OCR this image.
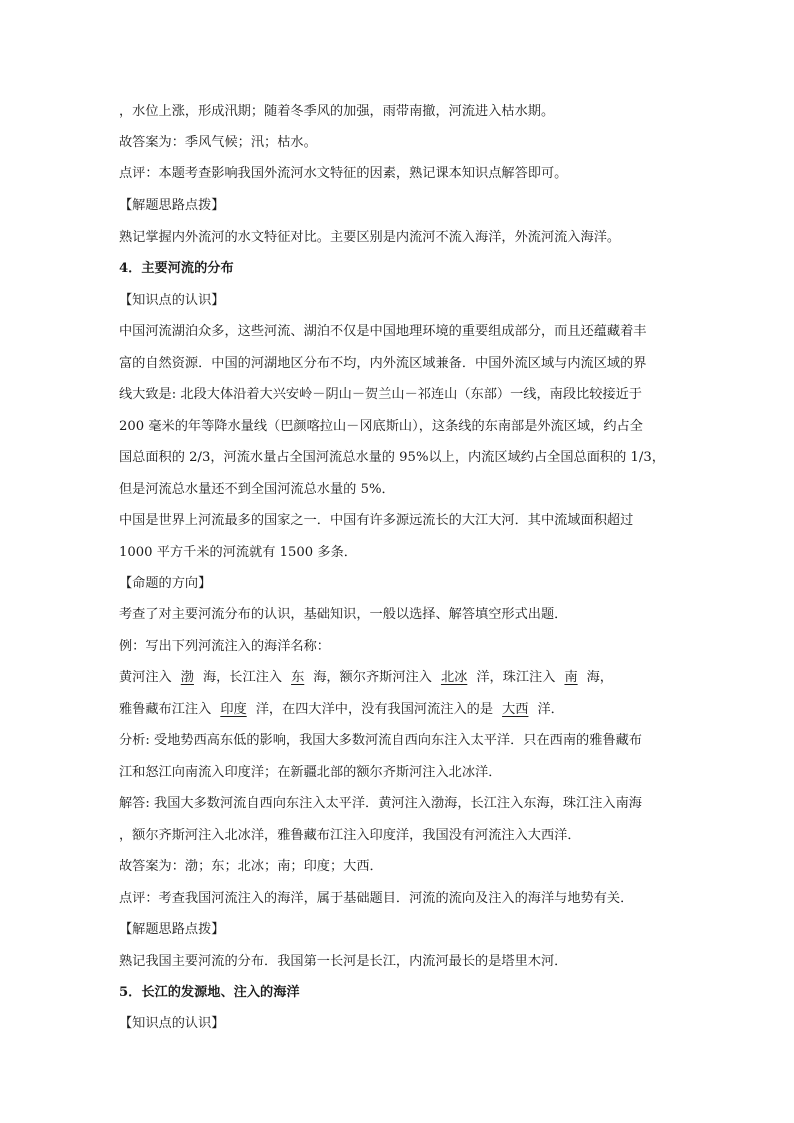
，水位上涨，形成汛期；随着冬季风的加强，雨带南撤，河流进入枯水期。
故答案为：季风气候；汛；枯水。
点评：本题考查影响我国外流河水文特征的因素，熟记课本知识点解答即可。
【解题思路点拨】
熟记掌握内外流河的水文特征对比。主要区别是内流河不流入海洋，外流河流入海洋。
4．主要河流的分布
【知识点的认识】
中国河流湖泊众多，这些河流、湖泊不仅是中国地理环境的重要组成部分，而且还蕴藏着丰
富的自然资源．中国的河湖地区分布不均，内外流区域兼备．中国外流区域与内流区域的界
线大致是: 北段大体沿着大兴安岭－阴山－贺兰山－祁连山（东部）一线，南段比较接近于
200 毫米的年等降水量线（巴颜喀拉山－冈底斯山），这条线的东南部是外流区域，约占全
国总面积的 2/3，河流水量占全国河流总水量的 95%以上，内流区域约占全国总面积的 1/3，
但是河流总水量还不到全国河流总水量的 5%．
中国是世界上河流最多的国家之一．中国有许多源远流长的大江大河．其中流域面积超过
1000 平方千米的河流就有 1500 多条．
【命题的方向】
考查了对主要河流分布的认识，基础知识，一般以选择、解答填空形式出题．
例：写出下列河流注入的海洋名称：
黄河注入 渤 海，长江注入 东 海，额尔齐斯河注入 北冰 洋，珠江注入 南 海，
雅鲁藏布江注入 印度 洋，在四大洋中，没有我国河流注入的是 大西 洋．
分析: 受地势西高东低的影响，我国大多数河流自西向东注入太平洋．只在西南的雅鲁藏布
江和怒江向南流入印度洋；在新疆北部的额尔齐斯河注入北冰洋．
解答: 我国大多数河流自西向东注入太平洋．黄河注入渤海，长江注入东海，珠江注入南海
，额尔齐斯河注入北冰洋，雅鲁藏布江注入印度洋，我国没有河流注入大西洋．
故答案为：渤；东；北冰；南；印度；大西．
点评：考查我国河流注入的海洋，属于基础题目．河流的流向及注入的海洋与地势有关．
【解题思路点拨】
熟记我国主要河流的分布．我国第一长河是长江，内流河最长的是塔里木河．
5．长江的发源地、注入的海洋
【知识点的认识】
